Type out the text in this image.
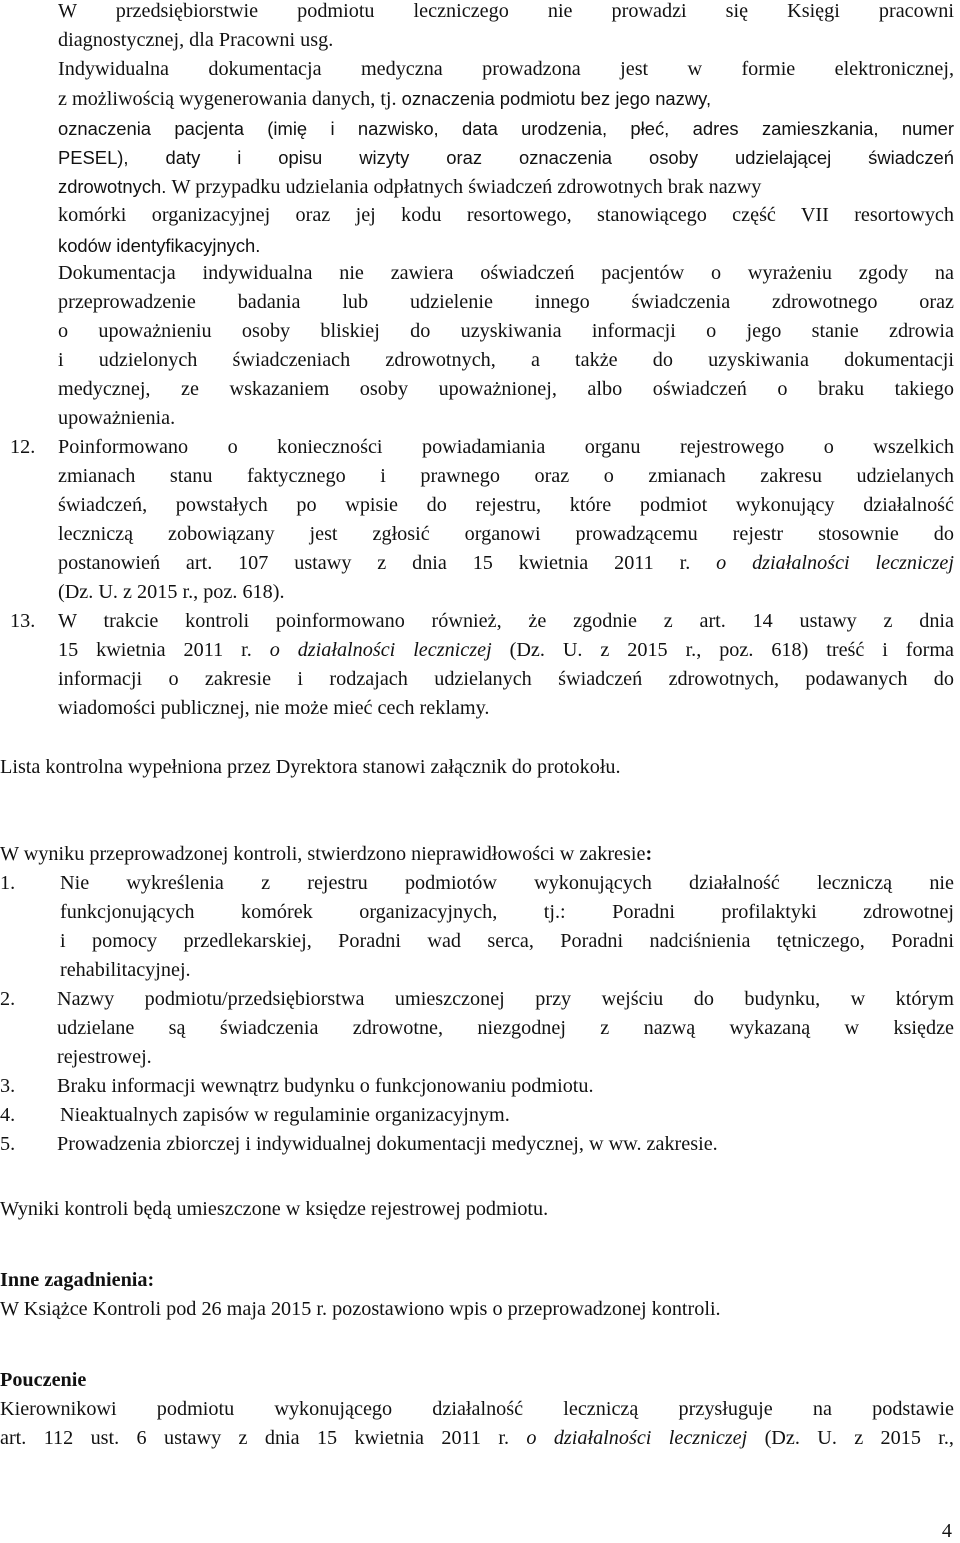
W przedsiębiorstwie podmiotu leczniczego nie prowadzi się Księgi pracowni

diagnostycznej, dla Pracowni usg.

Indywidualna dokumentacja medyczna prowadzona jest w formie elektronicznej,

z możliwością wygenerowania danych, tj. oznaczenia podmiotu bez jego nazwy,

oznaczenia pacjenta (imię i nazwisko, data urodzenia, płeć, adres zamieszkania, numer

PESEL), daty i opisu wizyty oraz oznaczenia osoby udzielającej świadczeń

zdrowotnych. W przypadku udzielania odpłatnych świadczeń zdrowotnych brak nazwy

komórki organizacyjnej oraz jej kodu resortowego, stanowiącego część VII resortowych

kodów identyfikacyjnych.

Dokumentacja indywidualna nie zawiera oświadczeń pacjentów o wyrażeniu zgody na

przeprowadzenie badania lub udzielenie innego świadczenia zdrowotnego oraz

o upoważnieniu osoby bliskiej do uzyskiwania informacji o jego stanie zdrowia

i udzielonych świadczeniach zdrowotnych, a także do uzyskiwania dokumentacji

medycznej, ze wskazaniem osoby upoważnionej, albo oświadczeń o braku takiego

upoważnienia.

12. Poinformowano o konieczności powiadamiania organu rejestrowego o wszelkich

zmianach stanu faktycznego i prawnego oraz o zmianach zakresu udzielanych

świadczeń, powstałych po wpisie do rejestru, które podmiot wykonujący działalność

leczniczą zobowiązany jest zgłosić organowi prowadzącemu rejestr stosownie do

postanowień art. 107 ustawy z dnia 15 kwietnia 2011 r. o działalności leczniczej

(Dz. U. z 2015 r., poz. 618).

13. W trakcie kontroli poinformowano również, że zgodnie z art. 14 ustawy z dnia

15 kwietnia 2011 r. o działalności leczniczej (Dz. U. z 2015 r., poz. 618) treść i forma

informacji o zakresie i rodzajach udzielanych świadczeń zdrowotnych, podawanych do

wiadomości publicznej, nie może mieć cech reklamy.

Lista kontrolna wypełniona przez Dyrektora stanowi załącznik do protokołu.

W wyniku przeprowadzonej kontroli, stwierdzono nieprawidłowości w zakresie:

1. Nie wykreślenia z rejestru podmiotów wykonujących działalność leczniczą nie

funkcjonujących komórek organizacyjnych, tj.: Poradni profilaktyki zdrowotnej

i pomocy przedlekarskiej, Poradni wad serca, Poradni nadciśnienia tętniczego, Poradni

rehabilitacyjnej.

2. Nazwy podmiotu/przedsiębiorstwa umieszczonej przy wejściu do budynku, w którym

udzielane są świadczenia zdrowotne, niezgodnej z nazwą wykazaną w księdze

rejestrowej.

3. Braku informacji wewnątrz budynku o funkcjonowaniu podmiotu.

4. Nieaktualnych zapisów w regulaminie organizacyjnym.

5. Prowadzenia zbiorczej i indywidualnej dokumentacji medycznej, w ww. zakresie.

Wyniki kontroli będą umieszczone w księdze rejestrowej podmiotu.

Inne zagadnienia:

W Książce Kontroli pod 26 maja 2015 r. pozostawiono wpis o przeprowadzonej kontroli.

Pouczenie

Kierownikowi podmiotu wykonującego działalność leczniczą przysługuje na podstawie

art. 112 ust. 6 ustawy z dnia 15 kwietnia 2011 r. o działalności leczniczej (Dz. U. z 2015 r.,

4
